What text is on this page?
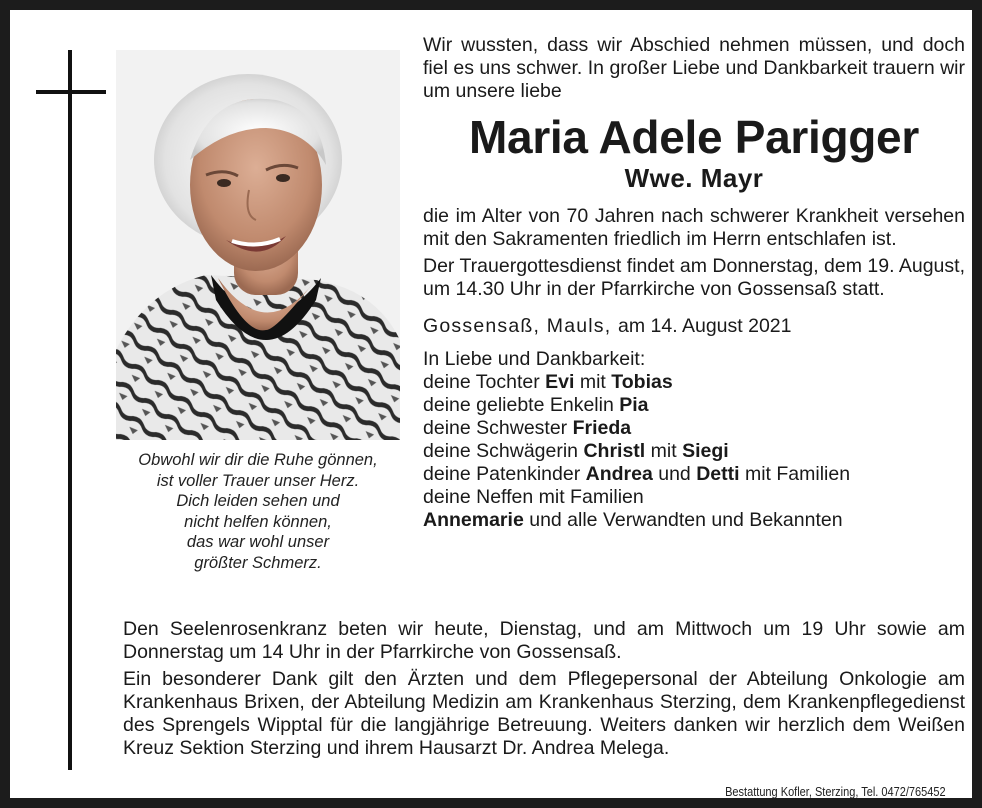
Obwohl wir dir die Ruhe gönnen,
ist voller Trauer unser Herz.
Dich leiden sehen und
nicht helfen können,
das war wohl unser
größter Schmerz.

Wir wussten, dass wir Abschied nehmen müssen, und doch fiel es uns schwer. In großer Liebe und Dankbarkeit trauern wir um unsere liebe

Maria Adele Parigger
Wwe. Mayr

die im Alter von 70 Jahren nach schwerer Krankheit versehen mit den Sakramenten friedlich im Herrn entschlafen ist.

Der Trauergottesdienst findet am Donnerstag, dem 19. August, um 14.30 Uhr in der Pfarrkirche von Gossensaß statt.

Gossensaß, Mauls, am 14. August 2021
In Liebe und Dankbarkeit:
deine Tochter Evi mit Tobias
deine geliebte Enkelin Pia
deine Schwester Frieda
deine Schwägerin Christl mit Siegi
deine Patenkinder Andrea und Detti mit Familien
deine Neffen mit Familien
Annemarie und alle Verwandten und Bekannten

Den Seelenrosenkranz beten wir heute, Dienstag, und am Mittwoch um 19 Uhr sowie am Donnerstag um 14 Uhr in der Pfarrkirche von Gossensaß.

Ein besonderer Dank gilt den Ärzten und dem Pflegepersonal der Abteilung Onkologie am Krankenhaus Brixen, der Abteilung Medizin am Krankenhaus Sterzing, dem Krankenpflegedienst des Sprengels Wipptal für die langjährige Betreuung. Weiters danken wir herzlich dem Weißen Kreuz Sektion Sterzing und ihrem Hausarzt Dr. Andrea Melega.

Bestattung Kofler, Sterzing, Tel. 0472/765452
